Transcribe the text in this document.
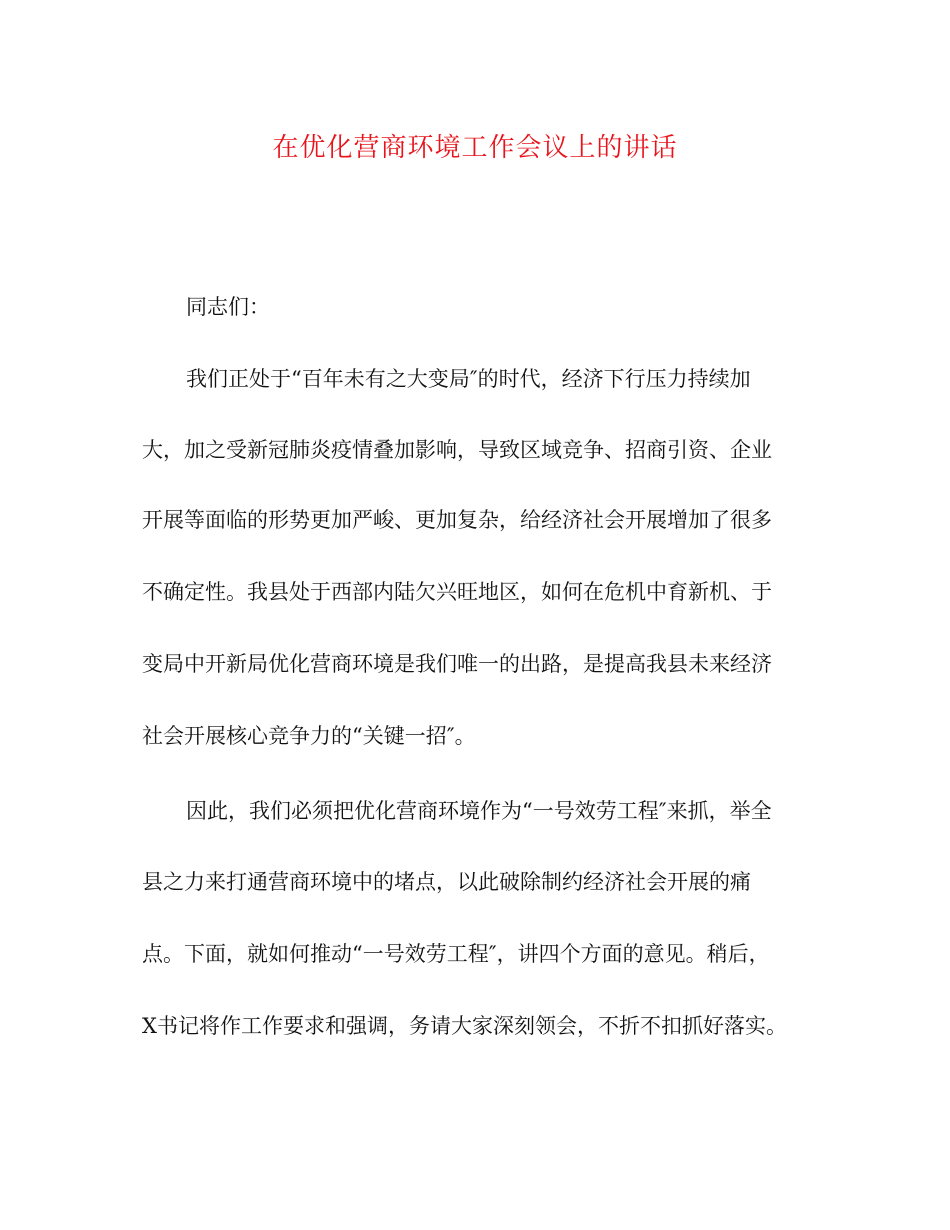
在优化营商环境工作会议上的讲话

同志们：

我们正处于“百年未有之大变局″的时代，经济下行压力持续加

大，加之受新冠肺炎疫情叠加影响，导致区域竞争、招商引资、企业

开展等面临的形势更加严峻、更加复杂，给经济社会开展增加了很多

不确定性。我县处于西部内陆欠兴旺地区，如何在危机中育新机、于

变局中开新局优化营商环境是我们唯一的出路，是提高我县未来经济

社会开展核心竞争力的“关键一招″。

因此，我们必须把优化营商环境作为“一号效劳工程″来抓，举全

县之力来打通营商环境中的堵点，以此破除制约经济社会开展的痛

点。下面，就如何推动“一号效劳工程″，讲四个方面的意见。稍后，

X书记将作工作要求和强调，务请大家深刻领会，不折不扣抓好落实。
